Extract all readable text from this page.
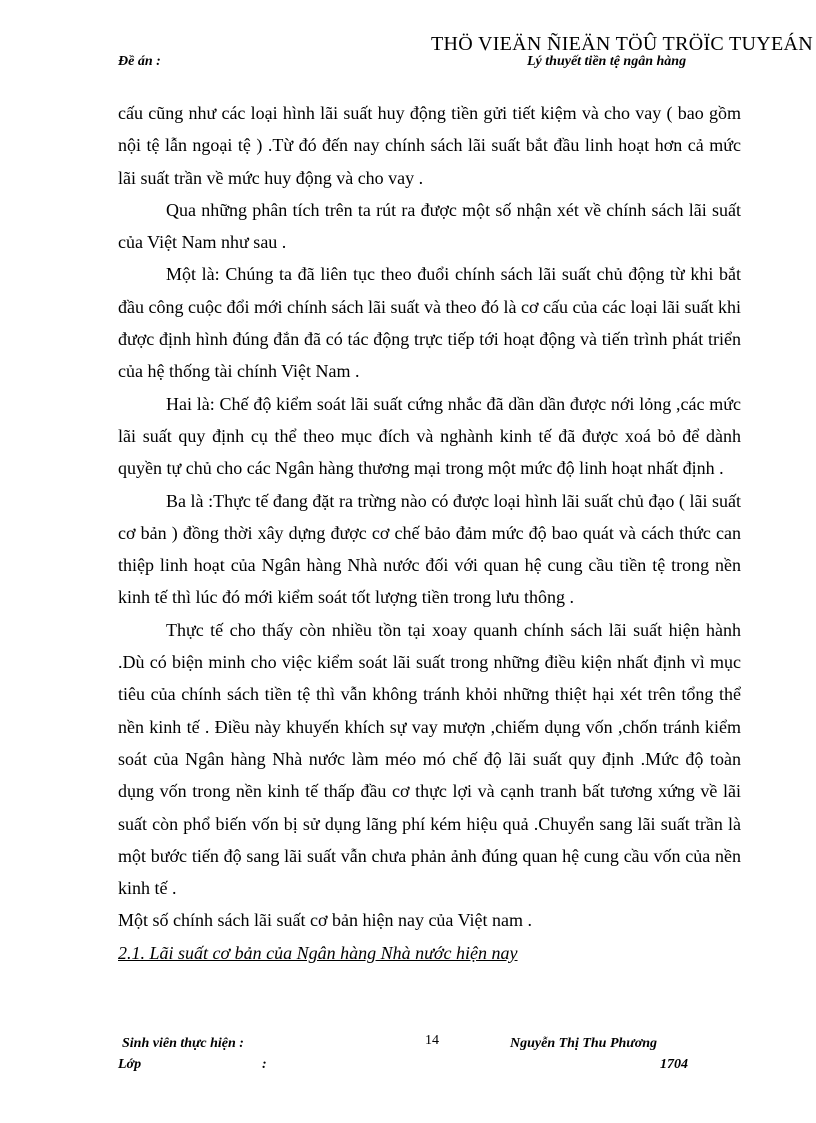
THÖ VIEÄN ÑIEÄN TÖÛ TRÖÏC TUYEÁN
Đề án :	Lý thuyết tiền tệ ngân hàng

cấu cũng như các loại hình lãi suất huy động tiền gửi tiết kiệm và cho vay ( bao gồm nội tệ lẫn ngoại tệ ) .Từ đó đến nay chính sách lãi suất bắt đầu linh hoạt hơn cả mức lãi suất trần về mức huy động và cho vay .

Qua những phân tích trên ta rút ra được một số nhận xét về chính sách lãi suất của Việt Nam như sau .

Một là: Chúng ta đã liên tục theo đuổi chính sách lãi suất chủ động từ khi bắt đầu công cuộc đổi mới chính sách lãi suất và theo đó là cơ cấu của các loại lãi suất khi được định hình đúng đắn đã có tác động trực tiếp tới hoạt động và tiến trình phát triển của hệ thống tài chính Việt Nam .

Hai là: Chế độ kiểm soát lãi suất cứng nhắc đã dần dần được nới lỏng ,các mức lãi suất quy định cụ thể theo mục đích và nghành kinh tế đã được xoá bỏ để dành quyền tự chủ cho các Ngân hàng thương mại trong một mức độ linh hoạt nhất định .

Ba là :Thực tế đang đặt ra trừng nào có được loại hình lãi suất chủ đạo ( lãi suất cơ bản ) đồng thời xây dựng được cơ chế bảo đảm mức độ bao quát và cách thức can thiệp linh hoạt của Ngân hàng Nhà nước đối với quan hệ cung cầu tiền tệ trong nền kinh tế thì lúc đó mới kiểm soát tốt lượng tiền trong lưu thông .

Thực tế cho thấy còn nhiều tồn tại xoay quanh chính sách lãi suất hiện hành .Dù có biện minh cho việc kiểm soát lãi suất trong những điều kiện nhất định vì mục tiêu của chính sách tiền tệ thì vẫn không tránh khỏi những thiệt hại xét trên tổng thể nền kinh tế . Điều này khuyến khích sự vay mượn ,chiếm dụng vốn ,chốn tránh kiểm soát của Ngân hàng Nhà nước làm méo mó chế độ lãi suất quy định .Mức độ toàn dụng vốn trong nền kinh tế thấp đầu cơ thực lợi và cạnh tranh bất tương xứng về lãi suất còn phổ biến vốn bị sử dụng lãng phí kém hiệu quả .Chuyển sang lãi suất trần là một bước tiến độ sang lãi suất vẫn chưa phản ảnh đúng quan hệ cung cầu vốn của nền kinh tế .

Một số chính sách lãi suất cơ bản hiện nay của Việt nam .

2.1. Lãi suất cơ bản của Ngân hàng Nhà nước hiện nay

Sinh viên thực hiện :
Lớp	:
14	Nguyễn Thị Thu Phương
1704
